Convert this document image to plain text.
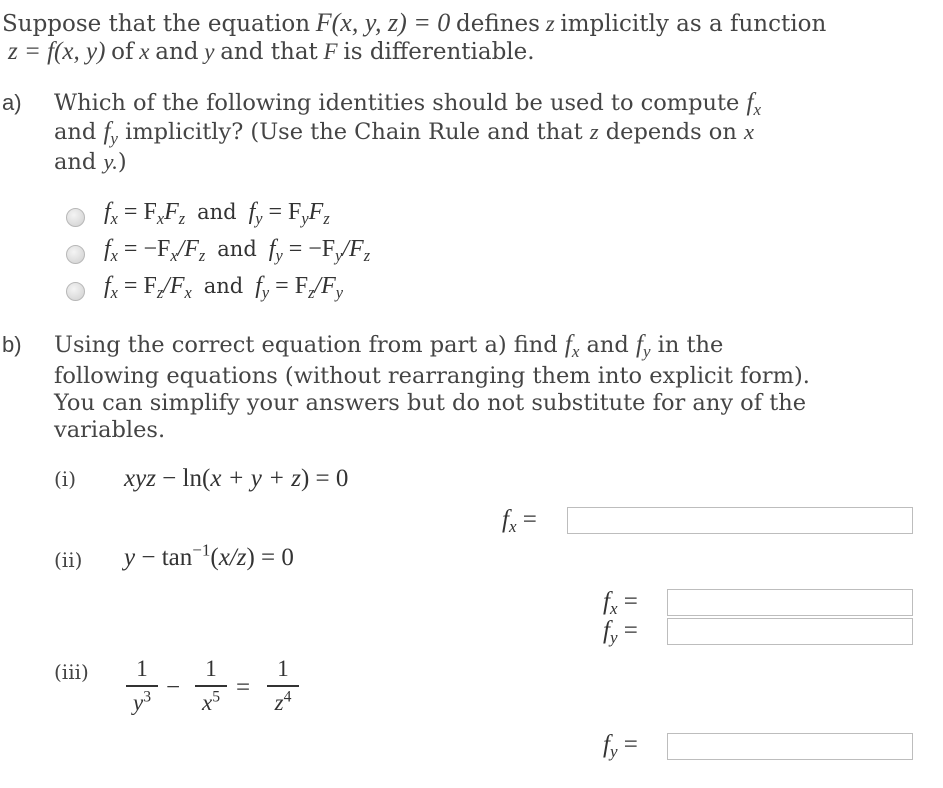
Suppose that the equation F(x, y, z) = 0 defines z implicitly as a function
z = f(x, y) of x and y and that F is differentiable.
a) Which of the following identities should be used to compute $f_x$
and $f_y$ implicitly? (Use the Chain Rule and that z depends on x
and y.)
$f_x = F_xF_z$ and $f_y = F_yF_z$
$f_x = -F_x/F_z$ and $f_y = -F_y/F_z$
$f_x = F_z/F_x$ and $f_y = F_z/F_y$
b) Using the correct equation from part a) find $f_x$ and $f_y$ in the
following equations (without rearranging them into explicit form).
You can simplify your answers but do not substitute for any of the
variables.
(i) xyz − ln(x + y + z) = 0
$f_x$ =
(ii) $y - \tan^{-1}(x/z) = 0$
$f_x$ =
$f_y$ =
(iii)	1
$y^3$ −
1
$x^5$ =
1
$z^4$
$f_y$ =
